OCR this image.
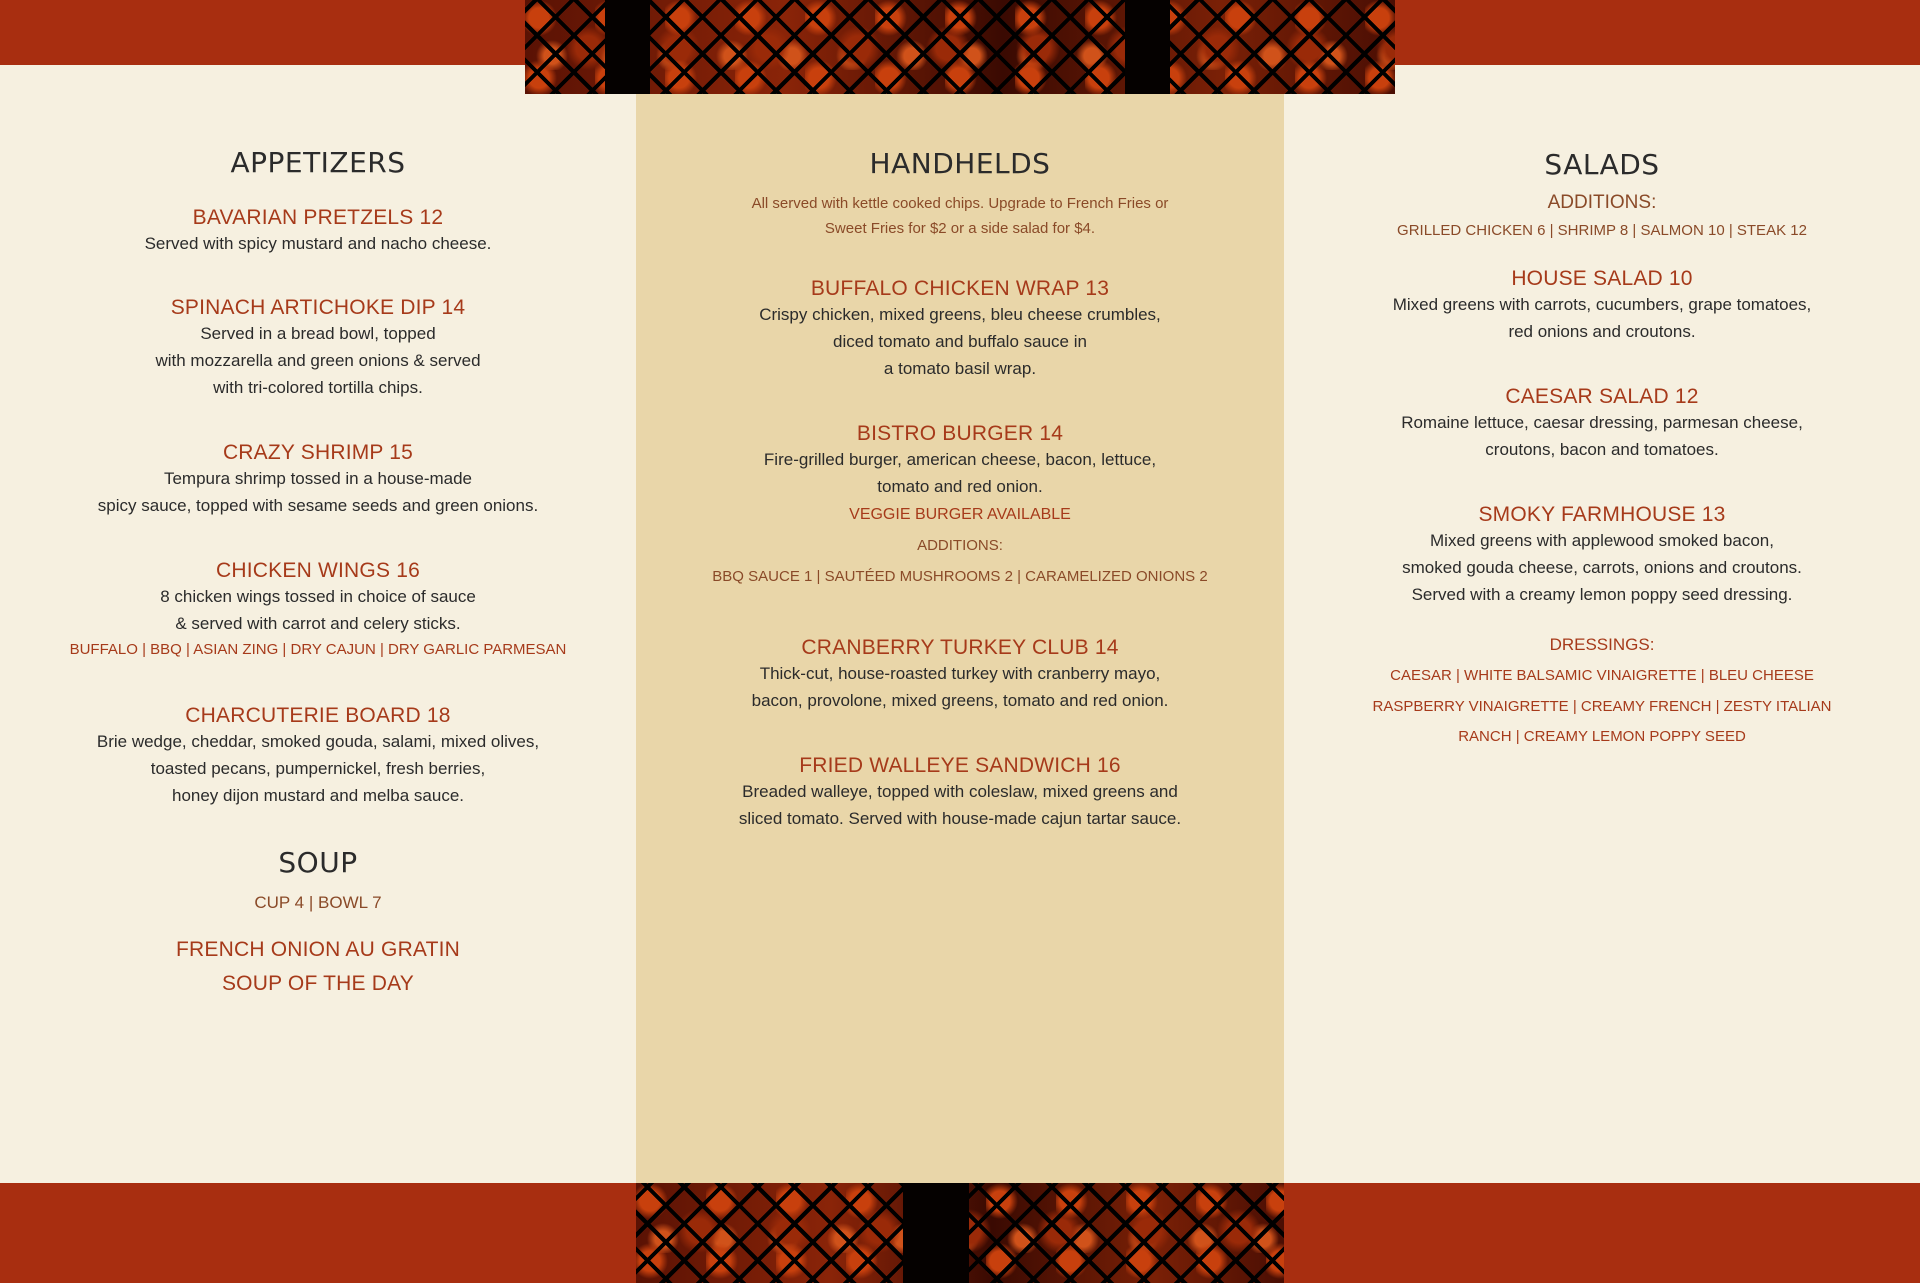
APPETIZERS

BAVARIAN PRETZELS 12

Served with spicy mustard and nacho cheese.

SPINACH ARTICHOKE DIP 14

Served in a bread bowl, topped

with mozzarella and green onions & served

with tri-colored tortilla chips.

CRAZY SHRIMP 15

Tempura shrimp tossed in a house-made

spicy sauce, topped with sesame seeds and green onions.

CHICKEN WINGS 16

8 chicken wings tossed in choice of sauce

& served with carrot and celery sticks.

BUFFALO | BBQ | ASIAN ZING | DRY CAJUN | DRY GARLIC PARMESAN

CHARCUTERIE BOARD 18

Brie wedge, cheddar, smoked gouda, salami, mixed olives,

toasted pecans, pumpernickel, fresh berries,

honey dijon mustard and melba sauce.

SOUP

CUP 4 | BOWL 7

FRENCH ONION AU GRATIN

SOUP OF THE DAY

HANDHELDS

All served with kettle cooked chips. Upgrade to French Fries or

Sweet Fries for $2 or a side salad for $4.

BUFFALO CHICKEN WRAP 13

Crispy chicken, mixed greens, bleu cheese crumbles,

diced tomato and buffalo sauce in

a tomato basil wrap.

BISTRO BURGER 14

Fire-grilled burger, american cheese, bacon, lettuce,

tomato and red onion.

VEGGIE BURGER AVAILABLE

ADDITIONS:

BBQ SAUCE 1 | SAUTÉED MUSHROOMS 2 | CARAMELIZED ONIONS 2

CRANBERRY TURKEY CLUB 14

Thick-cut, house-roasted turkey with cranberry mayo,

bacon, provolone, mixed greens, tomato and red onion.

FRIED WALLEYE SANDWICH 16

Breaded walleye, topped with coleslaw, mixed greens and

sliced tomato. Served with house-made cajun tartar sauce.

SALADS

ADDITIONS:

GRILLED CHICKEN 6 | SHRIMP 8 | SALMON 10 | STEAK 12

HOUSE SALAD 10

Mixed greens with carrots, cucumbers, grape tomatoes,

red onions and croutons.

CAESAR SALAD 12

Romaine lettuce, caesar dressing, parmesan cheese,

croutons, bacon and tomatoes.

SMOKY FARMHOUSE 13

Mixed greens with applewood smoked bacon,

smoked gouda cheese, carrots, onions and croutons.

Served with a creamy lemon poppy seed dressing.

DRESSINGS:

CAESAR | WHITE BALSAMIC VINAIGRETTE | BLEU CHEESE

RASPBERRY VINAIGRETTE | CREAMY FRENCH | ZESTY ITALIAN

RANCH | CREAMY LEMON POPPY SEED
